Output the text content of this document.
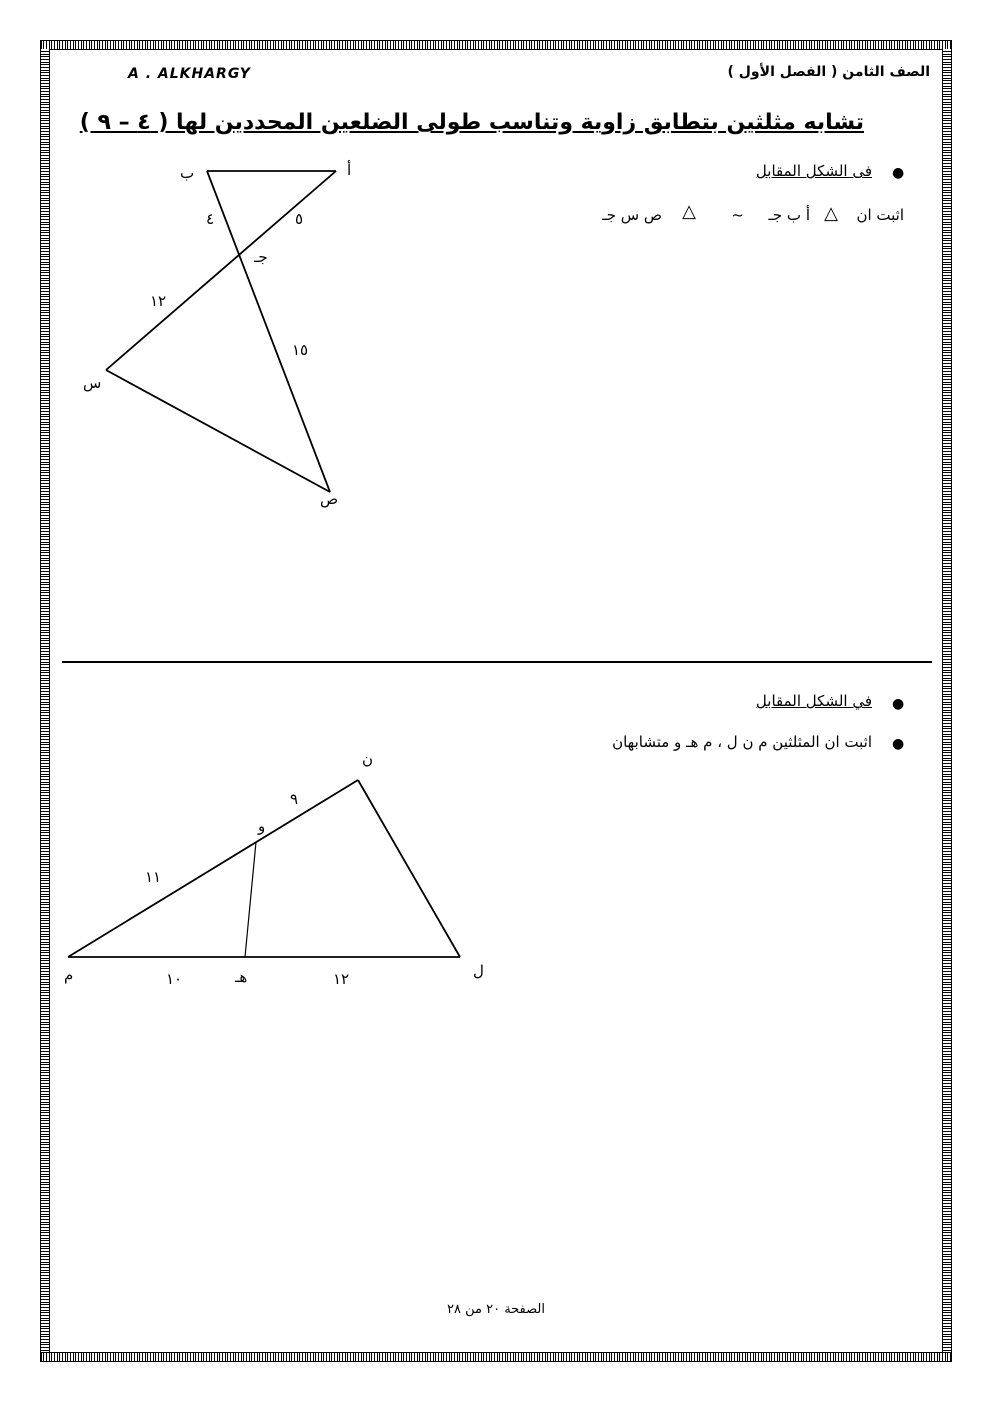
الصف الثامن ( الفصل الأول )
A . ALKHARGY
تشابه مثلثين بتطابق زاوية وتناسب طولى الضلعين المحددين لها ( ٤ – ٩ )
●
فى الشكل المقابل
اثبت ان
△
أ ب جـ
~
△
ص س جـ
أ
ب
جـ
س
ص
٤	٥
١٢
١٥
●
في الشكل المقابل
●
اثبت ان المثلثين م ن ل ، م هـ و متشابهان
ن
و
م	هـ	ل
٩
١١
١٠	١٢
الصفحة ٢٠ من ٢٨
